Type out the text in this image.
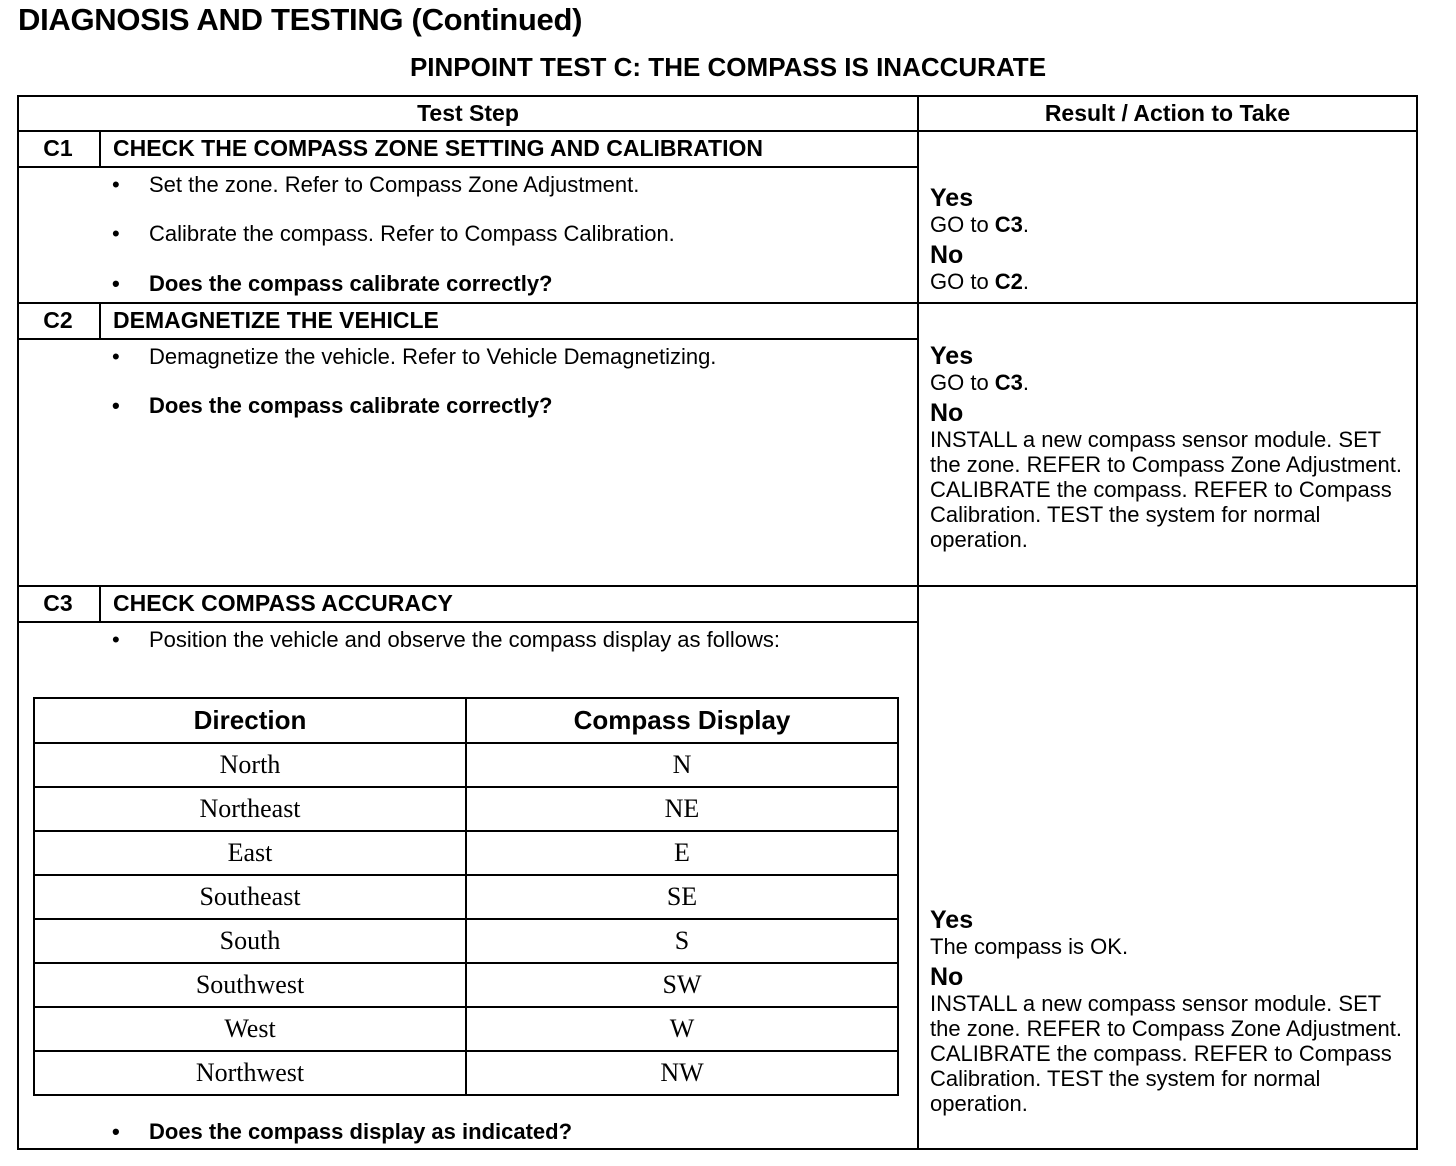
DIAGNOSIS AND TESTING (Continued)
PINPOINT TEST C: THE COMPASS IS INACCURATE
Test Step	Result / Action to Take
C1	CHECK THE COMPASS ZONE SETTING AND CALIBRATION
• Set the zone. Refer to Compass Zone Adjustment.
• Calibrate the compass. Refer to Compass Calibration.
• Does the compass calibrate correctly?
Yes
GO to C3.
No
GO to C2.
C2	DEMAGNETIZE THE VEHICLE
• Demagnetize the vehicle. Refer to Vehicle Demagnetizing.
• Does the compass calibrate correctly?
Yes
GO to C3.
No
INSTALL a new compass sensor module. SET the zone. REFER to Compass Zone Adjustment. CALIBRATE the compass. REFER to Compass Calibration. TEST the system for normal operation.
C3	CHECK COMPASS ACCURACY
• Position the vehicle and observe the compass display as follows:
Direction	Compass Display
North	N
Northeast	NE
East	E
Southeast	SE
South	S
Southwest	SW
West	W
Northwest	NW
• Does the compass display as indicated?
Yes
The compass is OK.
No
INSTALL a new compass sensor module. SET the zone. REFER to Compass Zone Adjustment. CALIBRATE the compass. REFER to Compass Calibration. TEST the system for normal operation.
